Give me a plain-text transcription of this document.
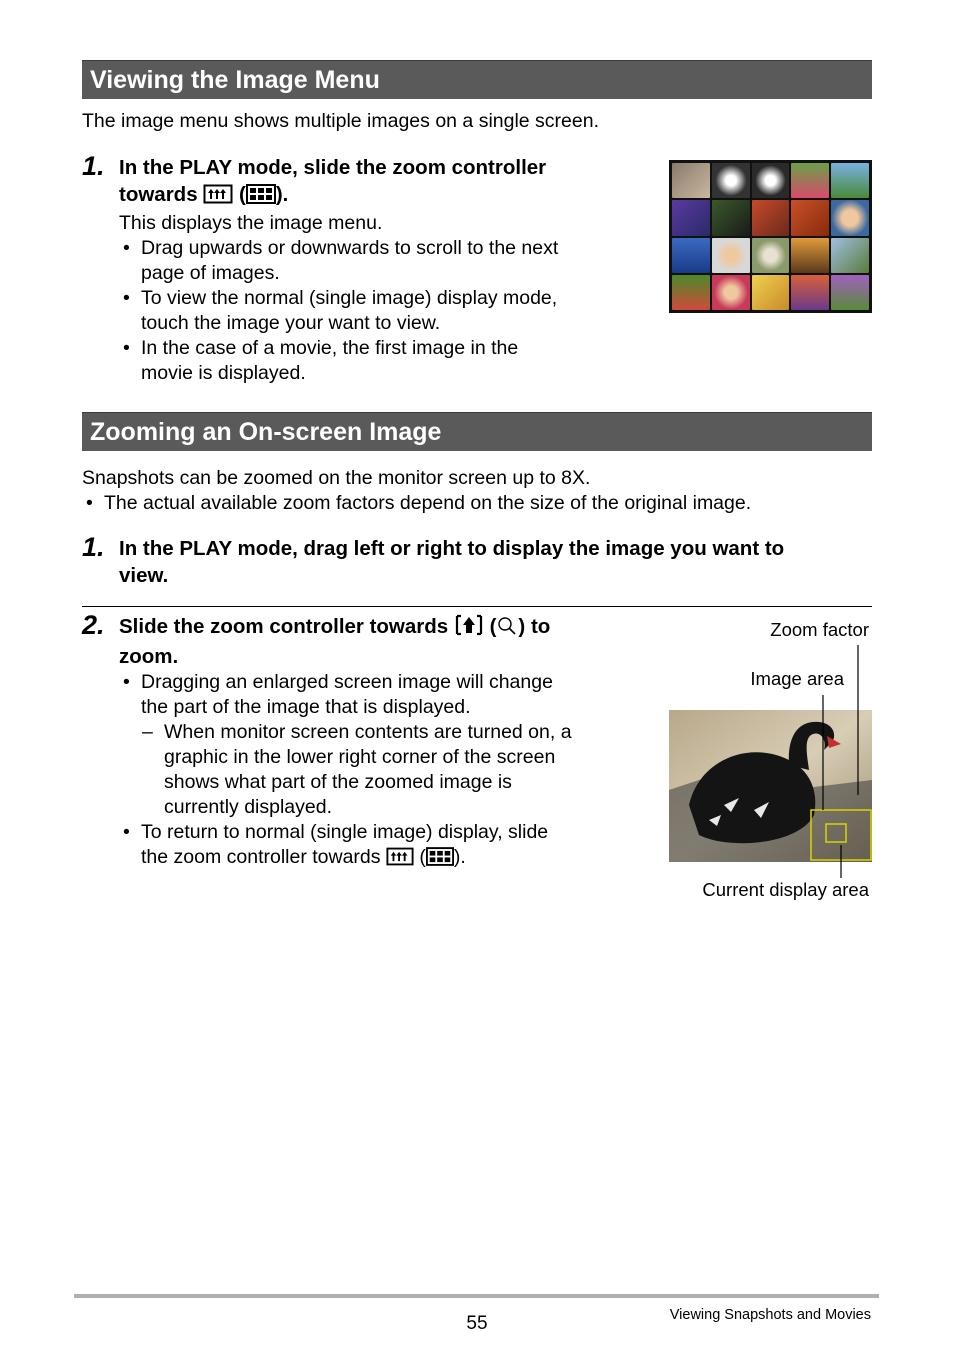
Viewing the Image Menu
The image menu shows multiple images on a single screen.
1. In the PLAY mode, slide the zoom controller
towards ( ).
This displays the image menu.
• Drag upwards or downwards to scroll to the next
page of images.
• To view the normal (single image) display mode,
touch the image your want to view.
• In the case of a movie, the first image in the
movie is displayed.
Zooming an On-screen Image
Snapshots can be zoomed on the monitor screen up to 8X.
• The actual available zoom factors depend on the size of the original image.
1. In the PLAY mode, drag left or right to display the image you want to
view.
2. Slide the zoom controller towards ( ) to
zoom.
• Dragging an enlarged screen image will change
the part of the image that is displayed.
– When monitor screen contents are turned on, a
graphic in the lower right corner of the screen
shows what part of the zoomed image is
currently displayed.
• To return to normal (single image) display, slide
the zoom controller towards ( ).
Zoom factor
Image area
Current display area
55	Viewing Snapshots and Movies
